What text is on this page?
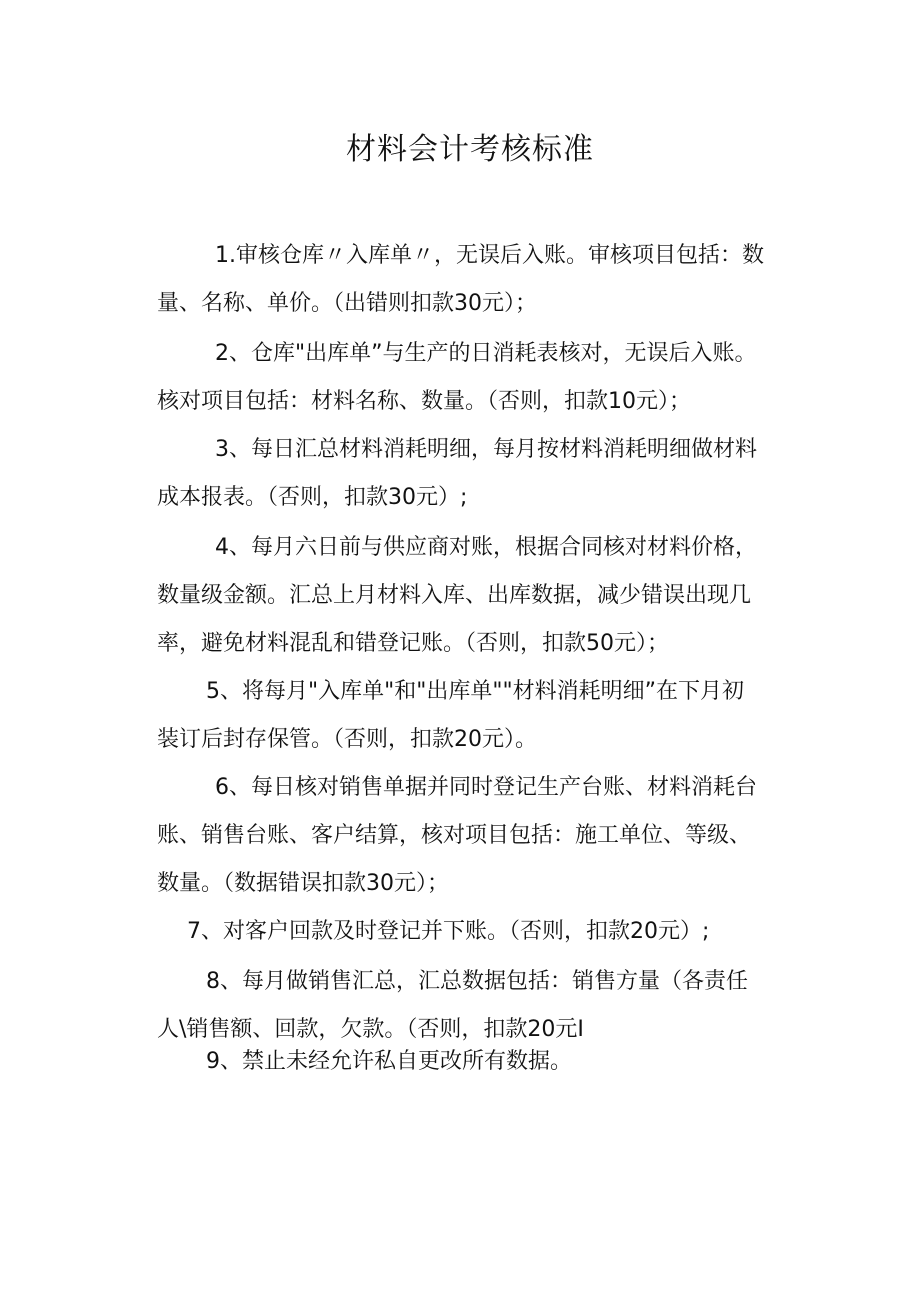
材料会计考核标准

1.审核仓库〃入库单〃，无误后入账。审核项目包括：数

量、名称、单价。（出错则扣款30元）；

2、仓库"出库单”与生产的日消耗表核对，无误后入账。

核对项目包括：材料名称、数量。（否则，扣款10元）；

3、每日汇总材料消耗明细，每月按材料消耗明细做材料

成本报表。（否则，扣款30元）;

4、每月六日前与供应商对账，根据合同核对材料价格，

数量级金额。汇总上月材料入库、出库数据，减少错误出现几

率，避免材料混乱和错登记账。（否则，扣款50元）；

5、将每月"入库单"和"出库单""材料消耗明细”在下月初

装订后封存保管。（否则，扣款20元）。

6、每日核对销售单据并同时登记生产台账、材料消耗台

账、销售台账、客户结算，核对项目包括：施工单位、等级、

数量。（数据错误扣款30元）；

7、对客户回款及时登记并下账。（否则，扣款20元）;

8、每月做销售汇总，汇总数据包括：销售方量（各责任

人\销售额、回款，欠款。（否则，扣款20元I

9、禁止未经允许私自更改所有数据。
